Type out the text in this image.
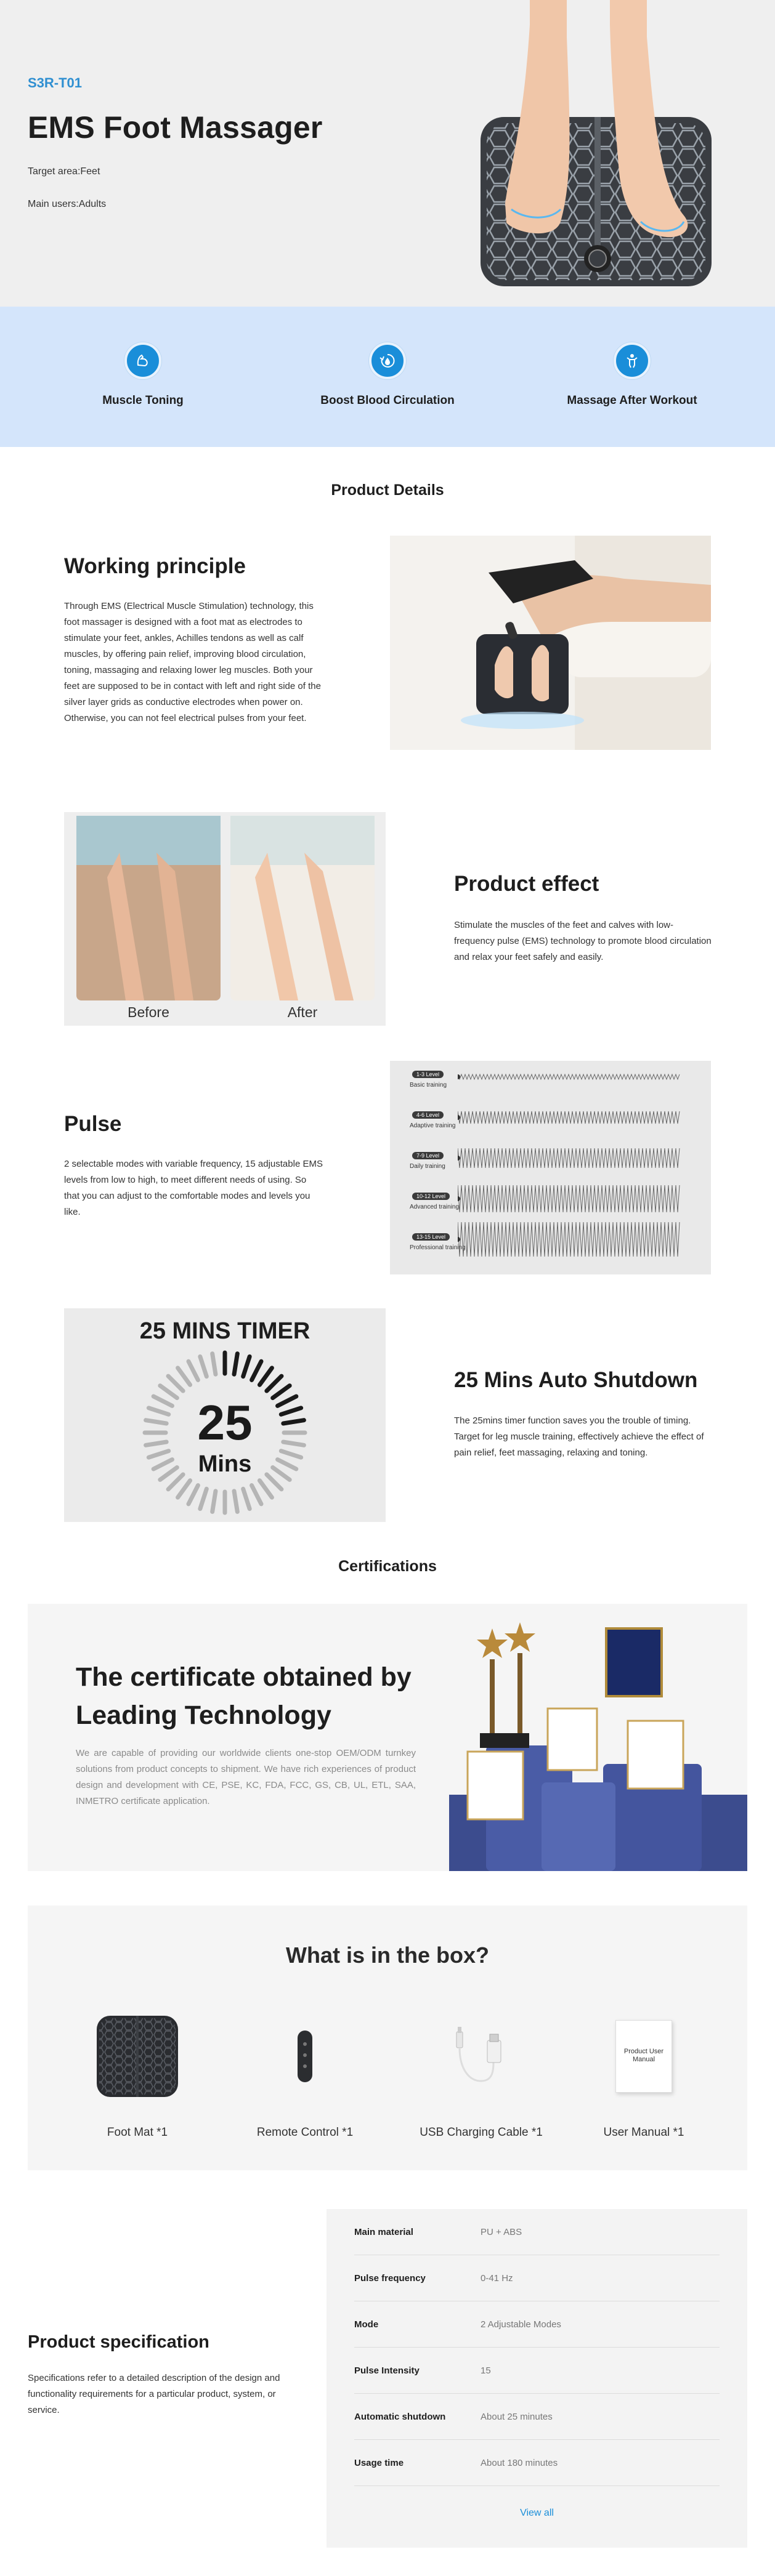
S3R-T01
EMS Foot Massager
Target area:Feet
Main users:Adults
Muscle Toning	Boost Blood Circulation	Massage After Workout
Product Details
Working principle

Through EMS (Electrical Muscle Stimulation) technology, this foot massager is designed with a foot mat as electrodes to stimulate your feet, ankles, Achilles tendons as well as calf muscles, by offering pain relief, improving blood circulation, toning, massaging and relaxing lower leg muscles. Both your feet are supposed to be in contact with left and right side of the silver layer grids as conductive electrodes when power on. Otherwise, you can not feel electrical pulses from your feet.

Before	After
Product effect

Stimulate the muscles of the feet and calves with low-frequency pulse (EMS) technology to promote blood circulation and relax your feet safely and easily.

Pulse

2 selectable modes with variable frequency, 15 adjustable EMS levels from low to high, to meet different needs of using. So that you can adjust to the comfortable modes and levels you like.

1-3 Level
Basic training
4-6 Level
Adaptive training
7-9 Level
Daily training
10-12 Level
Advanced training
13-15 Level
Professional training
25 MINS TIMER
25
Mins
25 Mins Auto Shutdown

The 25mins timer function saves you the trouble of timing. Target for leg muscle training, effectively achieve the effect of pain relief, feet massaging, relaxing and toning.

Certifications
The certificate obtained by Leading Technology
We are capable of providing our worldwide clients one-stop OEM/ODM turnkey solutions from product concepts to shipment. We have rich experiences of product design and development with CE, PSE, KC, FDA, FCC, GS, CB, UL, ETL, SAA, INMETRO certificate application.
What is in the box?
Foot Mat *1	Remote Control *1	USB Charging Cable *1
Product User Manual
User Manual *1
Product specification

Specifications refer to a detailed description of the design and functionality requirements for a particular product, system, or service.

Main material	PU + ABS
Pulse frequency	0-41 Hz
Mode	2 Adjustable Modes
Pulse Intensity	15
Automatic shutdown	About 25 minutes
Usage time	About 180 minutes
View all
